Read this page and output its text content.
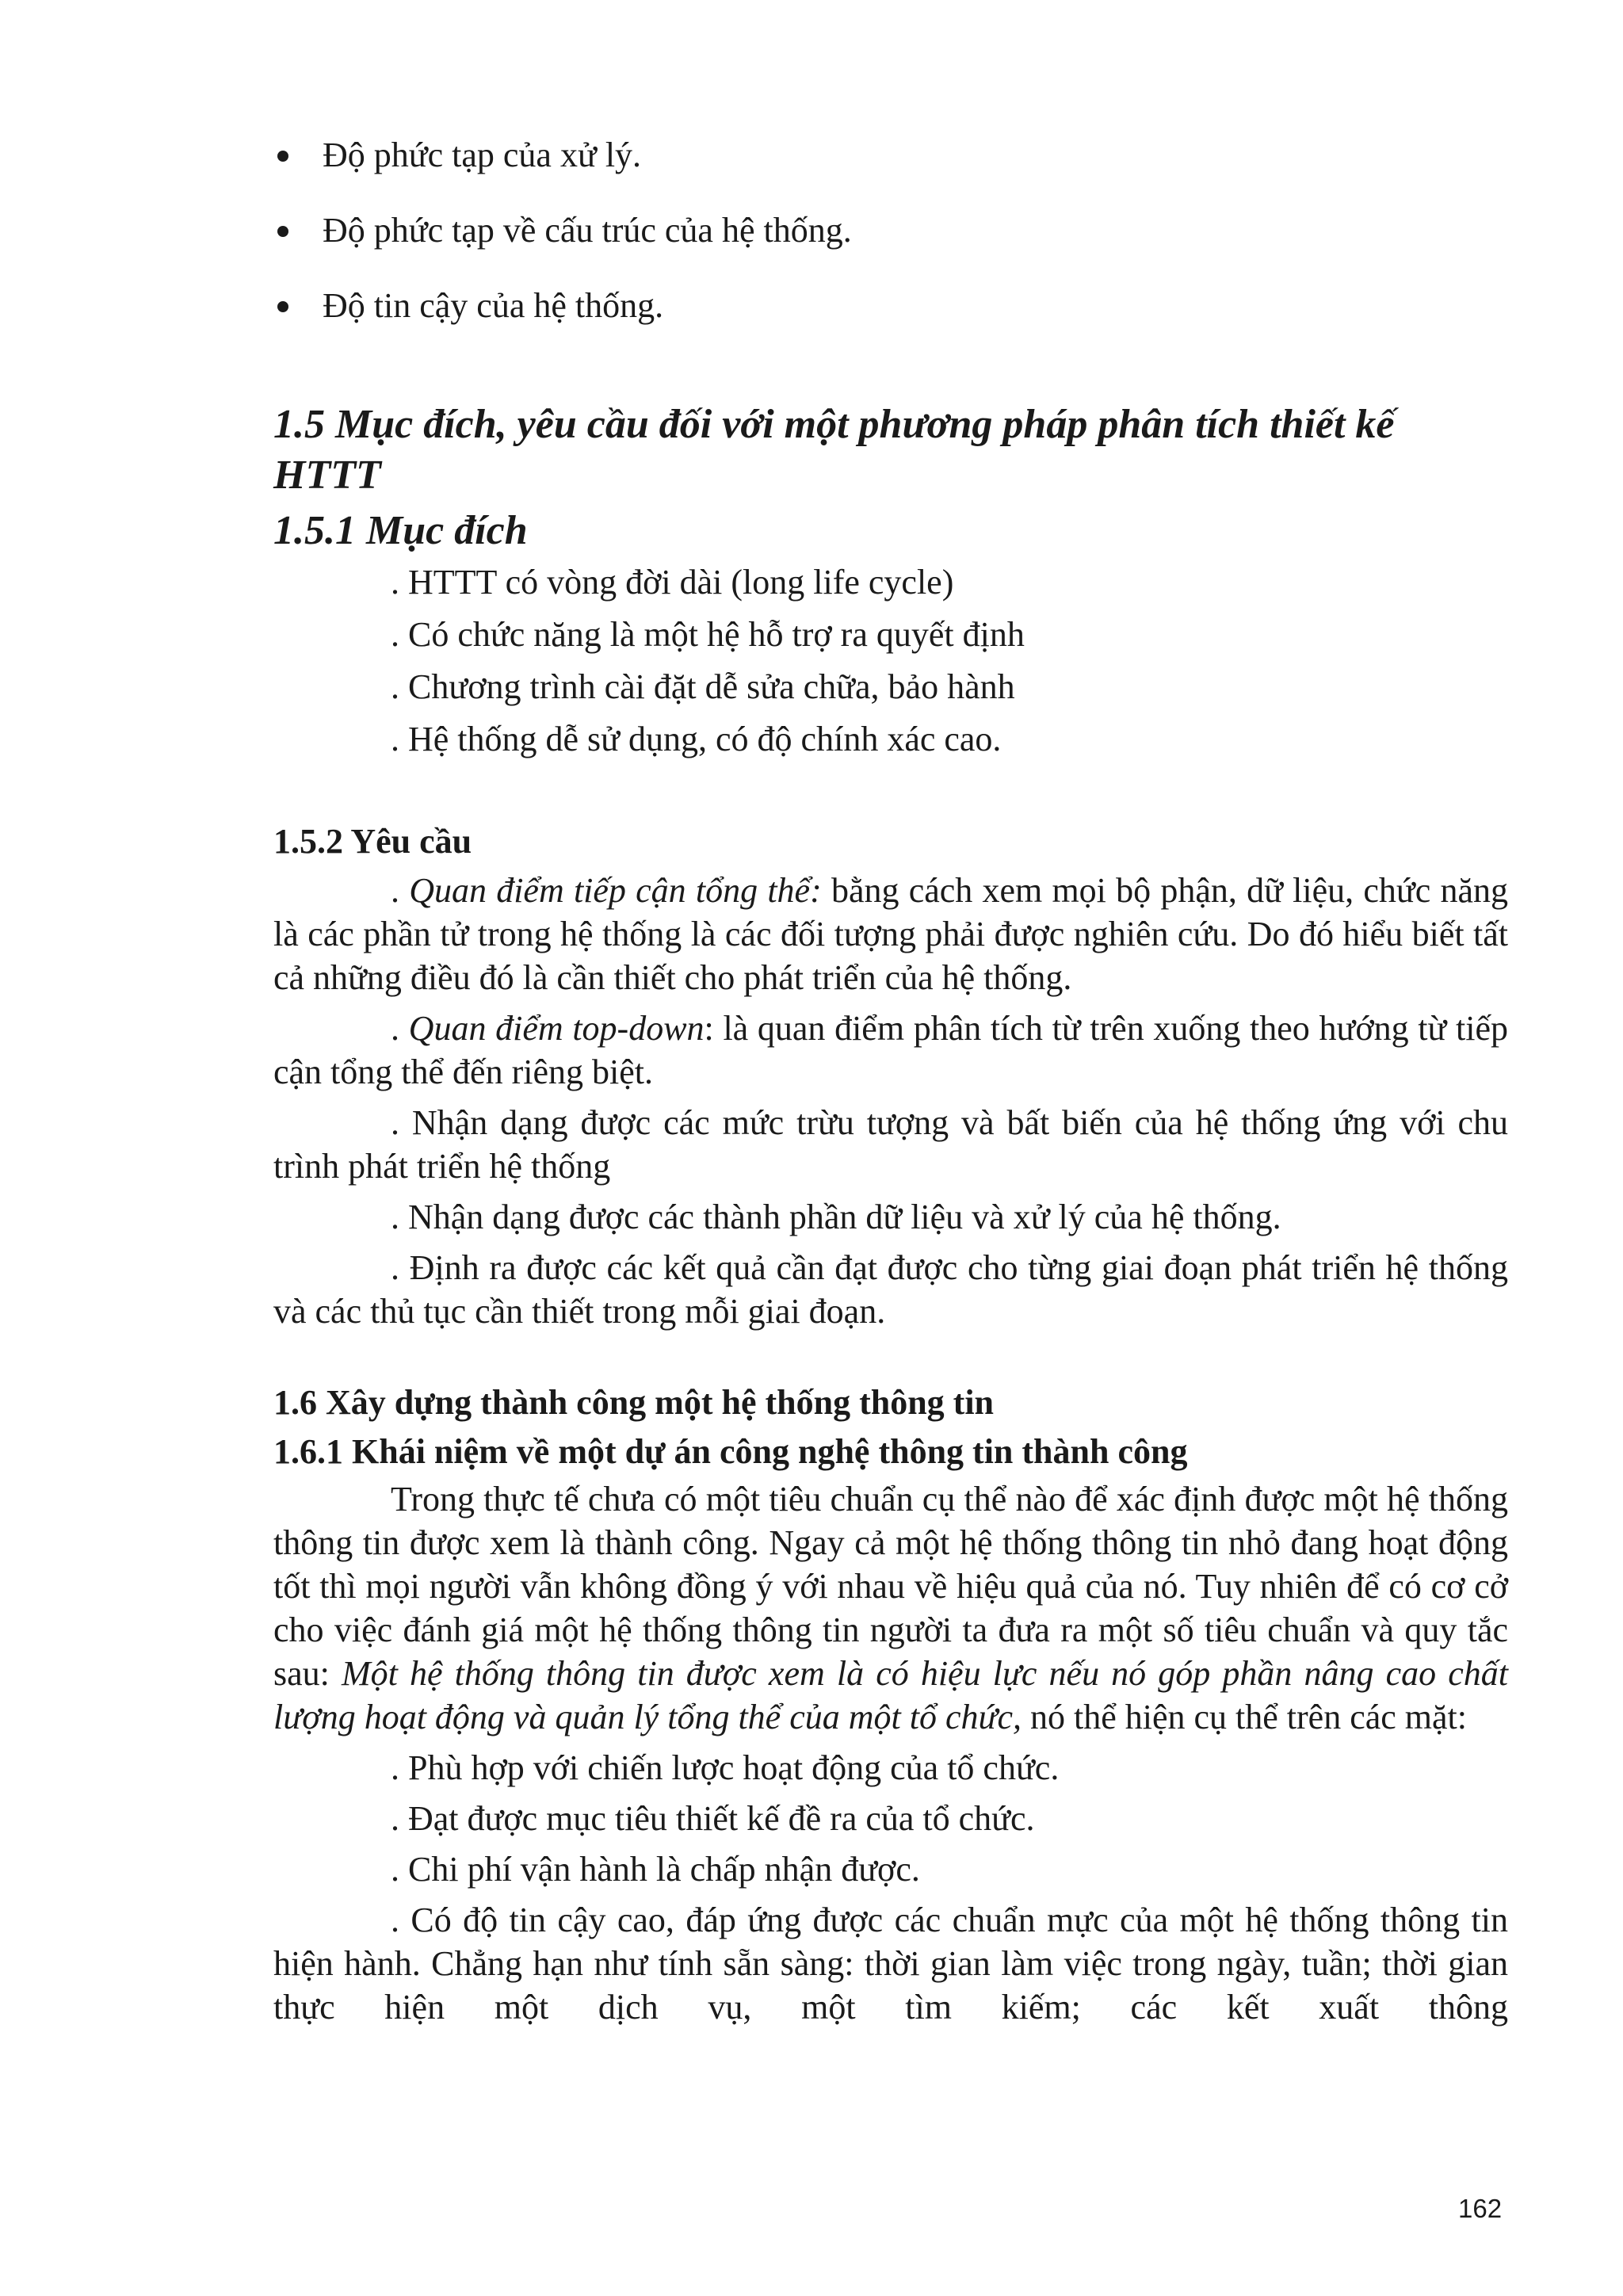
Độ phức tạp của xử lý.
Độ phức tạp về cấu trúc của hệ thống.
Độ tin cậy của hệ thống.
1.5 Mục đích, yêu cầu đối với một phương pháp phân tích thiết kế
HTTT
1.5.1 Mục đích
. HTTT có vòng đời dài (long life cycle)
. Có chức năng là một hệ hỗ trợ ra quyết định
. Chương trình cài đặt dễ sửa chữa, bảo hành
. Hệ thống dễ sử dụng, có độ chính xác cao.
1.5.2 Yêu cầu

. Quan điểm tiếp cận tổng thể: bằng cách xem mọi bộ phận, dữ liệu, chức năng là các phần tử trong hệ thống là các đối tượng phải được nghiên cứu. Do đó hiểu biết tất cả những điều đó là cần thiết cho phát triển của hệ thống.

. Quan điểm top-down: là quan điểm phân tích từ trên xuống theo hướng từ tiếp cận tổng thể đến riêng biệt.

. Nhận dạng được các mức trừu tượng và bất biến của hệ thống ứng với chu trình phát triển hệ thống

. Nhận dạng được các thành phần dữ liệu và xử lý của hệ thống.

. Định ra được các kết quả cần đạt được cho từng giai đoạn phát triển hệ thống và các thủ tục cần thiết trong mỗi giai đoạn.

1.6 Xây dựng thành công một hệ thống thông tin
1.6.1 Khái niệm về một dự án công nghệ thông tin thành công

Trong thực tế chưa có một tiêu chuẩn cụ thể nào để xác định được một hệ thống thông tin được xem là thành công. Ngay cả một hệ thống thông tin nhỏ đang hoạt động tốt thì mọi người vẫn không đồng ý với nhau về hiệu quả của nó. Tuy nhiên để có cơ cở cho việc đánh giá một hệ thống thông tin người ta đưa ra một số tiêu chuẩn và quy tắc sau: Một hệ thống thông tin được xem là có hiệu lực nếu nó góp phần nâng cao chất lượng hoạt động và quản lý tổng thể của một tổ chức, nó thể hiện cụ thể trên các mặt:

. Phù hợp với chiến lược hoạt động của tổ chức.

. Đạt được mục tiêu thiết kế đề ra của tổ chức.

. Chi phí vận hành là chấp nhận được.

. Có độ tin cậy cao, đáp ứng được các chuẩn mực của một hệ thống thông tin hiện hành. Chẳng hạn như tính sẵn sàng: thời gian làm việc trong ngày, tuần; thời gian thực hiện một dịch vụ, một tìm kiếm; các kết xuất thông

162
